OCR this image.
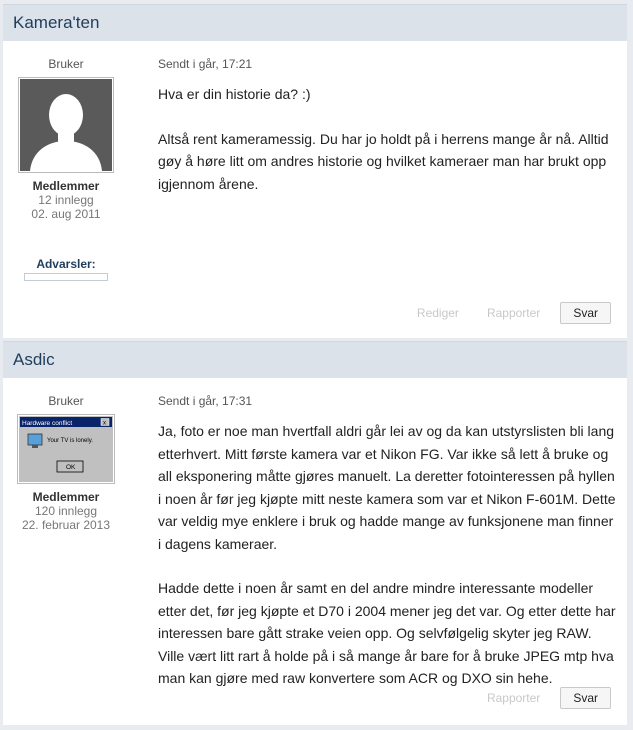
Kamera'ten
Bruker
Medlemmer
12 innlegg
02. aug 2011
Advarsler:
Sendt i går, 17:21

Hva er din historie da? :)

Altså rent kameramessig. Du har jo holdt på i herrens mange år nå. Alltid gøy å høre litt om andres historie og hvilket kameraer man har brukt opp igjennom årene.

Rediger	Rapporter	Svar
Asdic
Bruker
Hardware conflict	x
Your TV is lonely.
OK
Medlemmer
120 innlegg
22. februar 2013
Sendt i går, 17:31

Ja, foto er noe man hvertfall aldri går lei av og da kan utstyrslisten bli lang etterhvert. Mitt første kamera var et Nikon FG. Var ikke så lett å bruke og all eksponering måtte gjøres manuelt. La deretter fotointeressen på hyllen i noen år før jeg kjøpte mitt neste kamera som var et Nikon F-601M. Dette var veldig mye enklere i bruk og hadde mange av funksjonene man finner i dagens kameraer.

Hadde dette i noen år samt en del andre mindre interessante modeller etter det, før jeg kjøpte et D70 i 2004 mener jeg det var. Og etter dette har interessen bare gått strake veien opp. Og selvfølgelig skyter jeg RAW. Ville vært litt rart å holde på i så mange år bare for å bruke JPEG mtp hva man kan gjøre med raw konvertere som ACR og DXO sin hehe.

Rapporter	Svar
